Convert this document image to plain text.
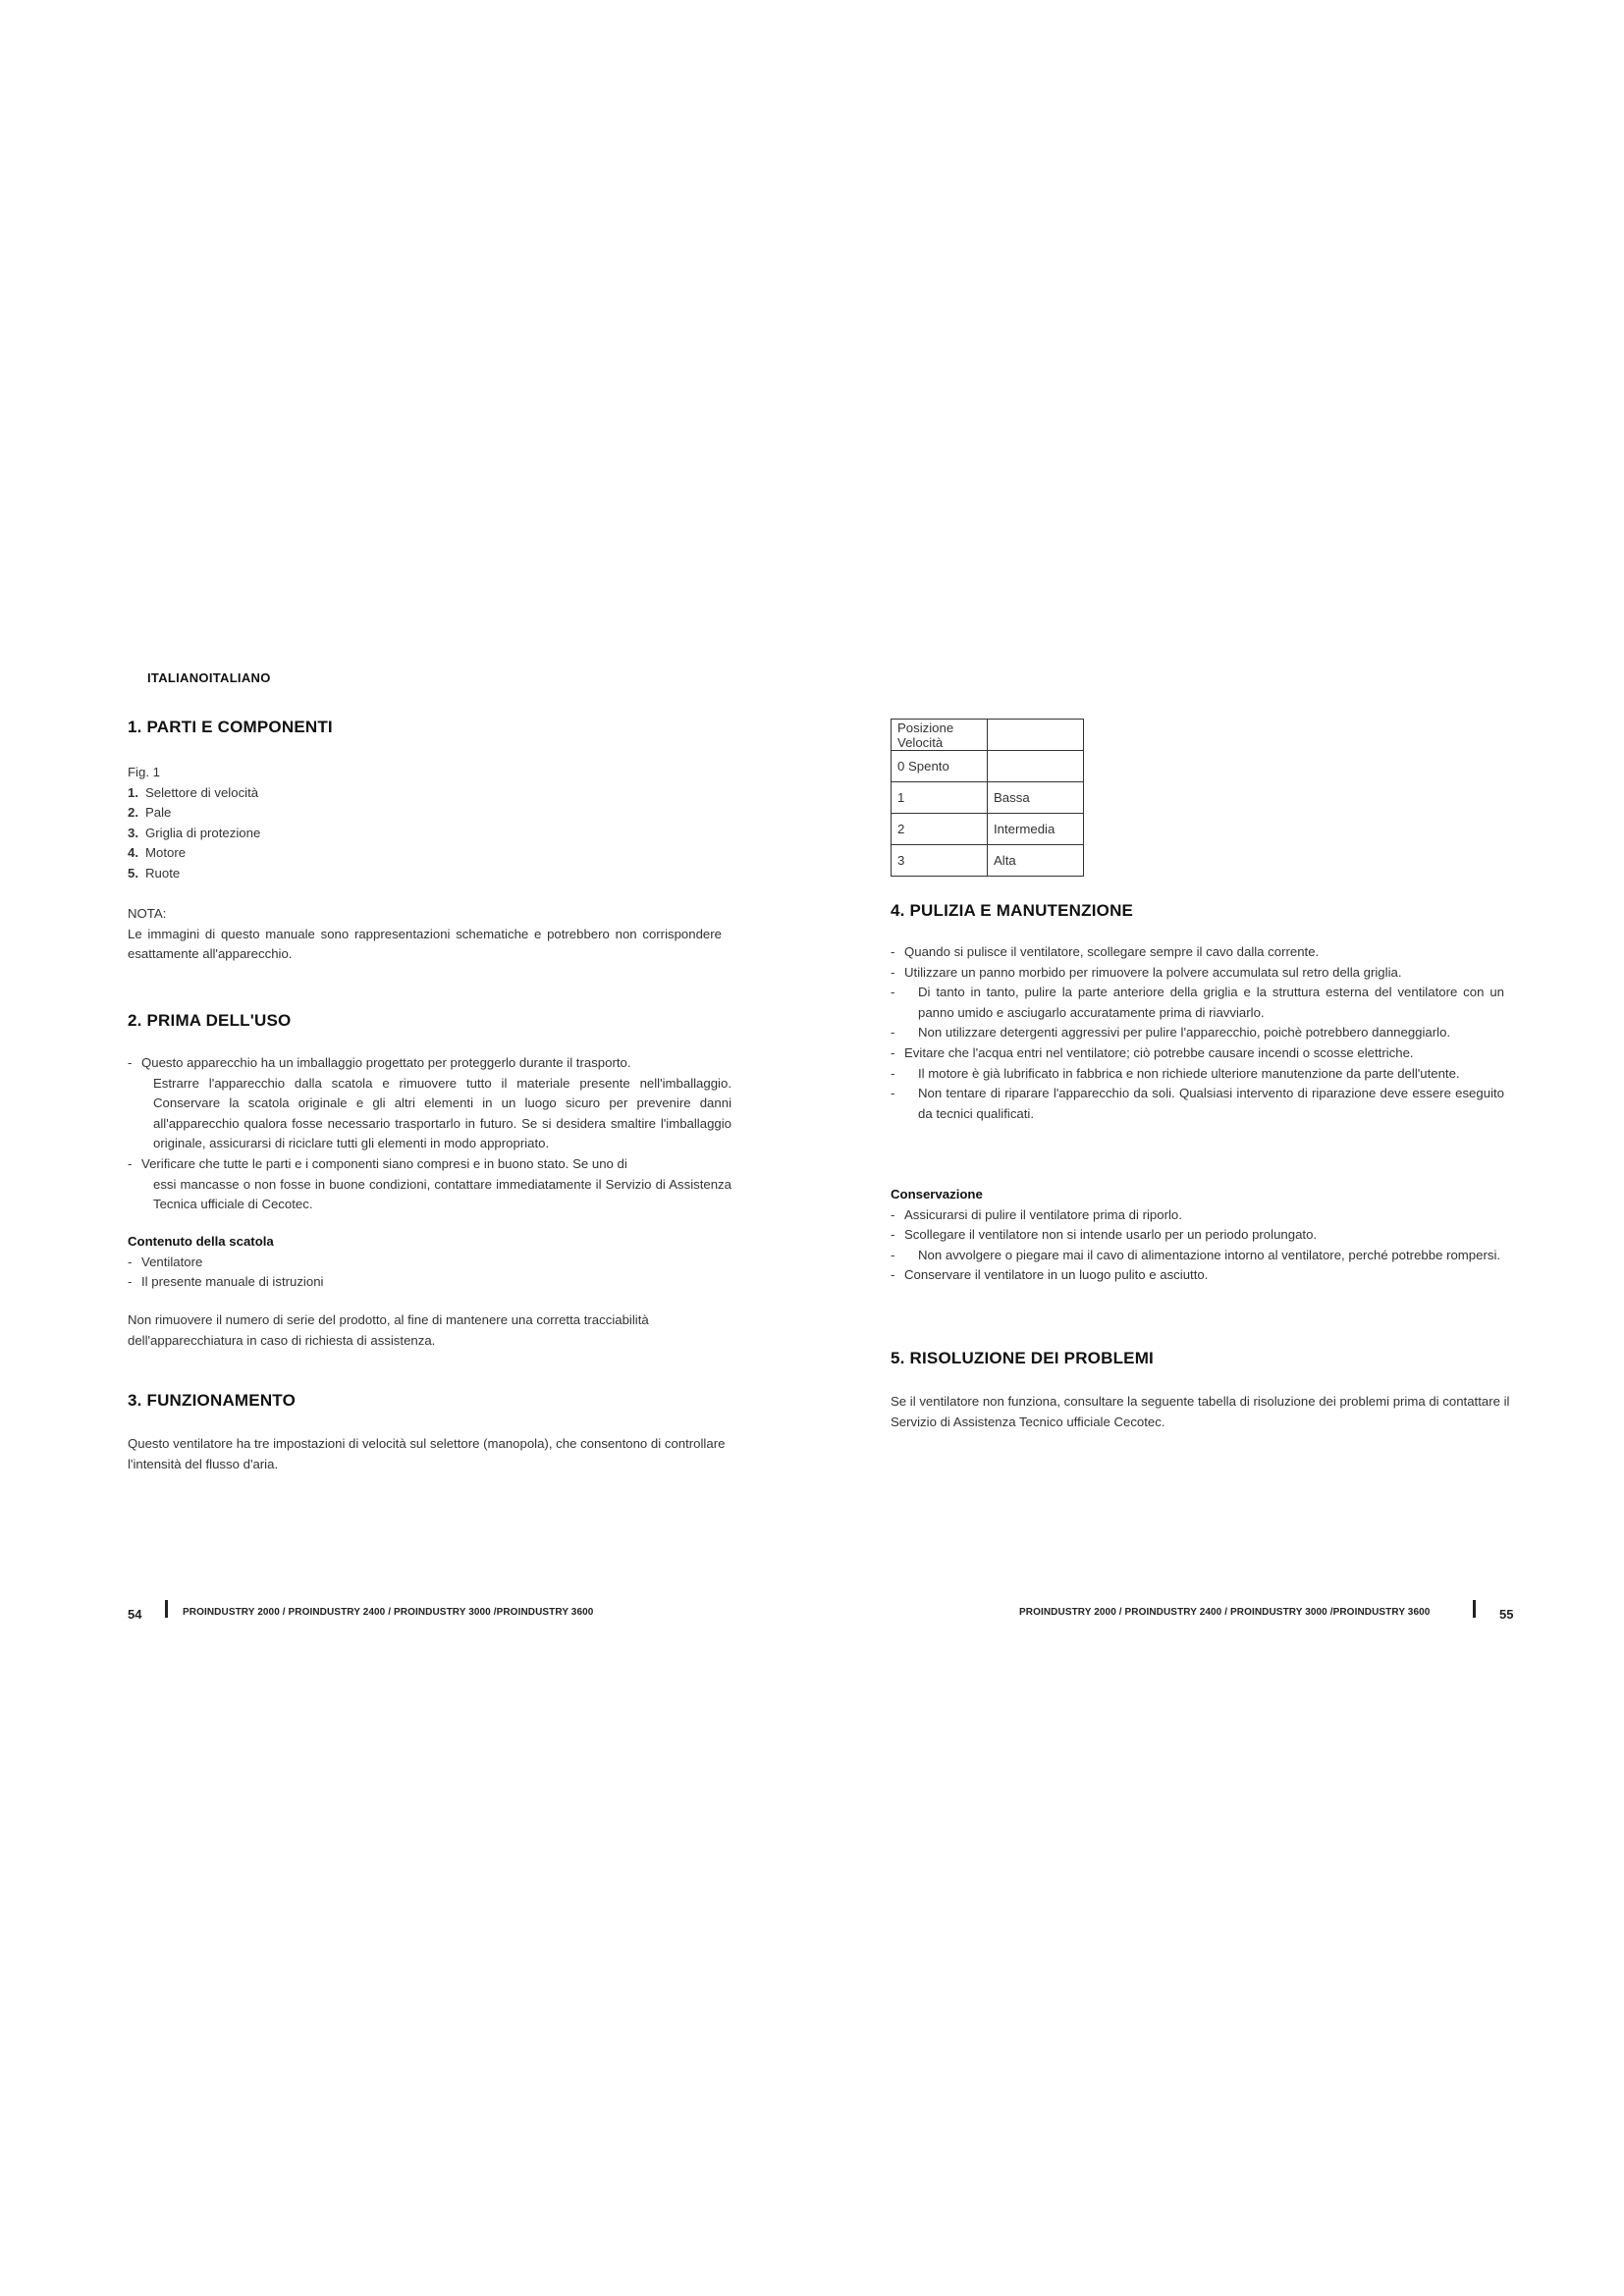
ITALIANOITALIANO
1. PARTI E COMPONENTI
Fig. 1
1. Selettore di velocità
2. Pale
3. Griglia di protezione
4. Motore
5. Ruote
NOTA:
Le immagini di questo manuale sono rappresentazioni schematiche e potrebbero non corrispondere esattamente all'apparecchio.
2. PRIMA DELL'USO
- Questo apparecchio ha un imballaggio progettato per proteggerlo durante il trasporto.
Estrarre l'apparecchio dalla scatola e rimuovere tutto il materiale presente nell'imballaggio. Conservare la scatola originale e gli altri elementi in un luogo sicuro per prevenire danni all'apparecchio qualora fosse necessario trasportarlo in futuro. Se si desidera smaltire l'imballaggio originale, assicurarsi di riciclare tutti gli elementi in modo appropriato.
- Verificare che tutte le parti e i componenti siano compresi e in buono stato. Se uno di
essi mancasse o non fosse in buone condizioni, contattare immediatamente il Servizio di Assistenza Tecnica ufficiale di Cecotec.
Contenuto della scatola
- Ventilatore
- Il presente manuale di istruzioni
Non rimuovere il numero di serie del prodotto, al fine di mantenere una corretta tracciabilità dell'apparecchiatura in caso di richiesta di assistenza.
3. FUNZIONAMENTO
Questo ventilatore ha tre impostazioni di velocità sul selettore (manopola), che consentono di controllare l'intensità del flusso d'aria.
Posizione Velocità	
0 Spento	
1	Bassa
2	Intermedia
3	Alta
4. PULIZIA E MANUTENZIONE
- Quando si pulisce il ventilatore, scollegare sempre il cavo dalla corrente.
- Utilizzare un panno morbido per rimuovere la polvere accumulata sul retro della griglia.
- Di tanto in tanto, pulire la parte anteriore della griglia e la struttura esterna del ventilatore con un panno umido e asciugarlo accuratamente prima di riavviarlo.
- Non utilizzare detergenti aggressivi per pulire l'apparecchio, poichè potrebbero danneggiarlo.
- Evitare che l'acqua entri nel ventilatore; ciò potrebbe causare incendi o scosse elettriche.
- Il motore è già lubrificato in fabbrica e non richiede ulteriore manutenzione da parte dell'utente.
- Non tentare di riparare l'apparecchio da soli. Qualsiasi intervento di riparazione deve essere eseguito da tecnici qualificati.
Conservazione
- Assicurarsi di pulire il ventilatore prima di riporlo.
- Scollegare il ventilatore non si intende usarlo per un periodo prolungato.
- Non avvolgere o piegare mai il cavo di alimentazione intorno al ventilatore, perché potrebbe rompersi.
- Conservare il ventilatore in un luogo pulito e asciutto.
5. RISOLUZIONE DEI PROBLEMI
Se il ventilatore non funziona, consultare la seguente tabella di risoluzione dei problemi prima di contattare il Servizio di Assistenza Tecnico ufficiale Cecotec.
54	PROINDUSTRY 2000 / PROINDUSTRY 2400 / PROINDUSTRY 3000 /PROINDUSTRY 3600	PROINDUSTRY 2000 / PROINDUSTRY 2400 / PROINDUSTRY 3000 /PROINDUSTRY 3600	55
